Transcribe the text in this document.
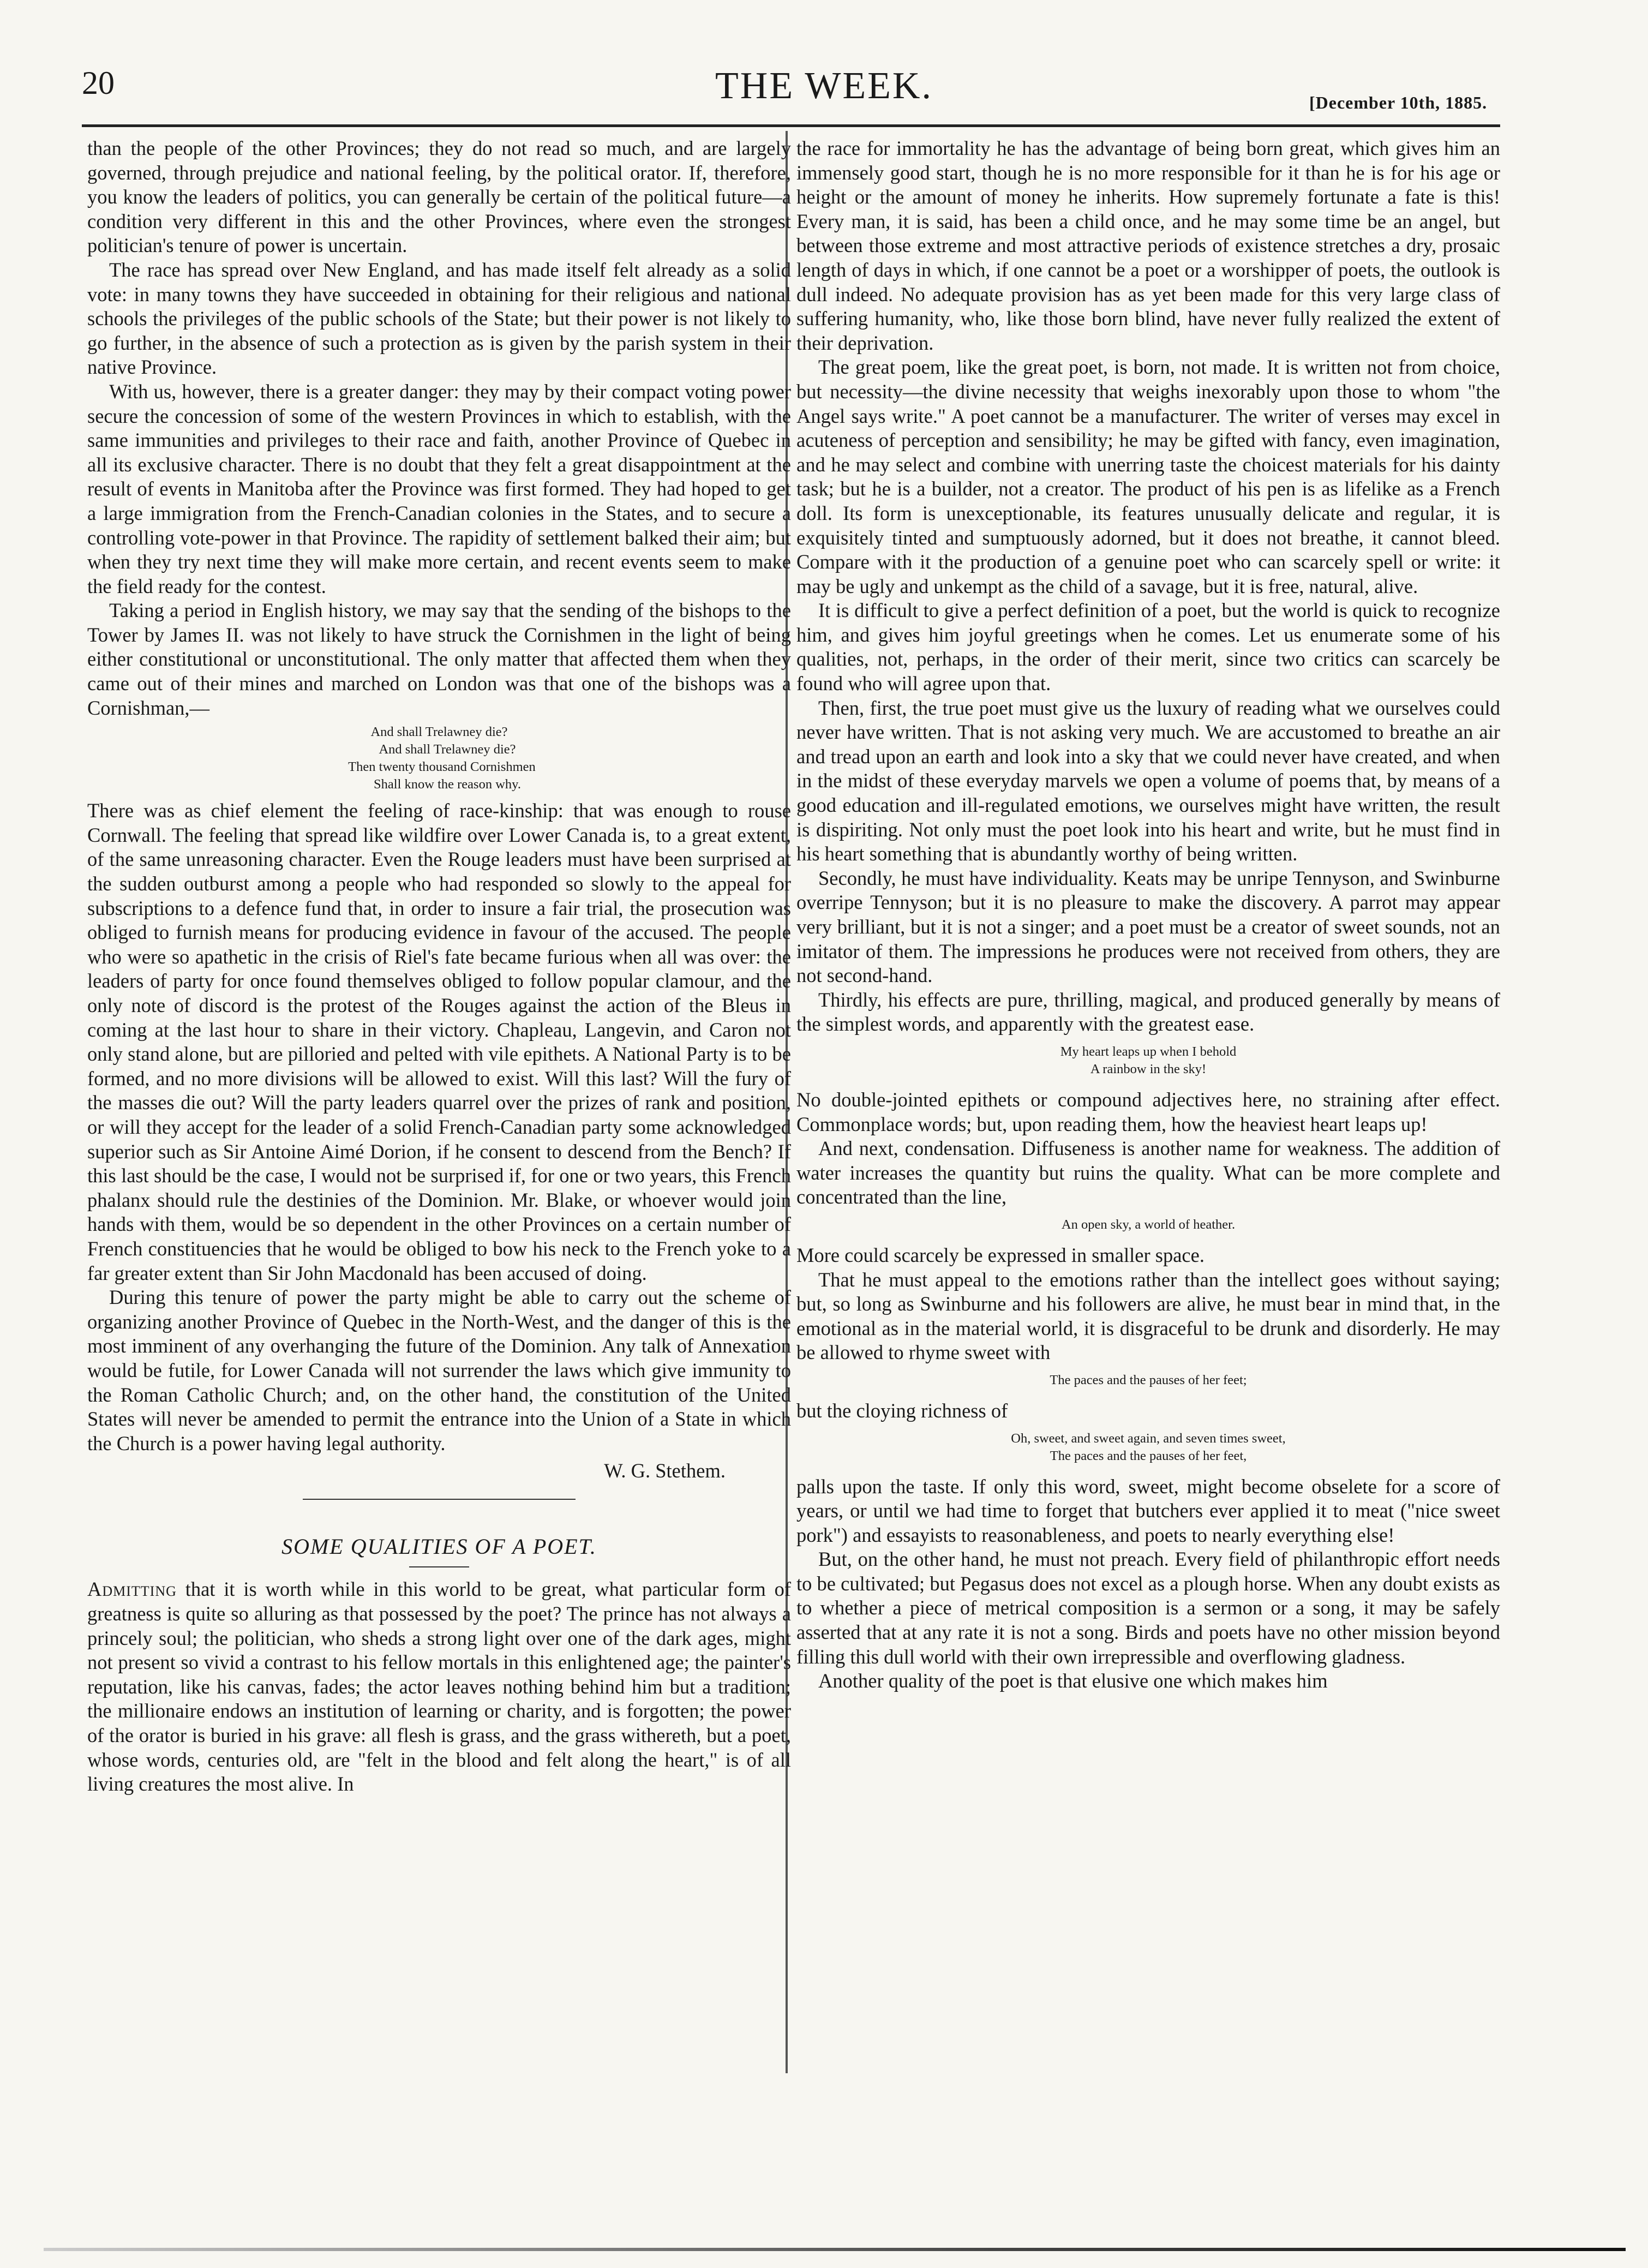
20	THE WEEK.	[December 10th, 1885.

than the people of the other Provinces; they do not read so much, and are largely governed, through prejudice and national feeling, by the political orator. If, therefore, you know the leaders of politics, you can generally be certain of the political future—a condition very different in this and the other Provinces, where even the strongest politician's tenure of power is uncertain.

The race has spread over New England, and has made itself felt already as a solid vote: in many towns they have succeeded in obtaining for their religious and national schools the privileges of the public schools of the State; but their power is not likely to go further, in the absence of such a protection as is given by the parish system in their native Province.

With us, however, there is a greater danger: they may by their compact voting power secure the concession of some of the western Provinces in which to establish, with the same immunities and privileges to their race and faith, another Province of Quebec in all its exclusive character. There is no doubt that they felt a great disappointment at the result of events in Manitoba after the Province was first formed. They had hoped to get a large immigration from the French-Canadian colonies in the States, and to secure a controlling vote-power in that Province. The rapidity of settlement balked their aim; but when they try next time they will make more certain, and recent events seem to make the field ready for the contest.

Taking a period in English history, we may say that the sending of the bishops to the Tower by James II. was not likely to have struck the Cornishmen in the light of being either constitutional or unconstitutional. The only matter that affected them when they came out of their mines and marched on London was that one of the bishops was a Cornishman,—

And shall Trelawney die?
And shall Trelawney die?
Then twenty thousand Cornishmen
Shall know the reason why.

There was as chief element the feeling of race-kinship: that was enough to rouse Cornwall. The feeling that spread like wildfire over Lower Canada is, to a great extent, of the same unreasoning character. Even the Rouge leaders must have been surprised at the sudden outburst among a people who had responded so slowly to the appeal for subscriptions to a defence fund that, in order to insure a fair trial, the prosecution was obliged to furnish means for producing evidence in favour of the accused. The people who were so apathetic in the crisis of Riel's fate became furious when all was over: the leaders of party for once found themselves obliged to follow popular clamour, and the only note of discord is the protest of the Rouges against the action of the Bleus in coming at the last hour to share in their victory. Chapleau, Langevin, and Caron not only stand alone, but are pilloried and pelted with vile epithets. A National Party is to be formed, and no more divisions will be allowed to exist. Will this last? Will the fury of the masses die out? Will the party leaders quarrel over the prizes of rank and position, or will they accept for the leader of a solid French-Canadian party some acknowledged superior such as Sir Antoine Aimé Dorion, if he consent to descend from the Bench? If this last should be the case, I would not be surprised if, for one or two years, this French phalanx should rule the destinies of the Dominion. Mr. Blake, or whoever would join hands with them, would be so dependent in the other Provinces on a certain number of French constituencies that he would be obliged to bow his neck to the French yoke to a far greater extent than Sir John Macdonald has been accused of doing.

During this tenure of power the party might be able to carry out the scheme of organizing another Province of Quebec in the North-West, and the danger of this is the most imminent of any overhanging the future of the Dominion. Any talk of Annexation would be futile, for Lower Canada will not surrender the laws which give immunity to the Roman Catholic Church; and, on the other hand, the constitution of the United States will never be amended to permit the entrance into the Union of a State in which the Church is a power having legal authority.

W. G. Stethem.
SOME QUALITIES OF A POET.

Admitting that it is worth while in this world to be great, what particular form of greatness is quite so alluring as that possessed by the poet? The prince has not always a princely soul; the politician, who sheds a strong light over one of the dark ages, might not present so vivid a contrast to his fellow mortals in this enlightened age; the painter's reputation, like his canvas, fades; the actor leaves nothing behind him but a tradition; the millionaire endows an institution of learning or charity, and is forgotten; the power of the orator is buried in his grave: all flesh is grass, and the grass withereth, but a poet, whose words, centuries old, are "felt in the blood and felt along the heart," is of all living creatures the most alive. In

the race for immortality he has the advantage of being born great, which gives him an immensely good start, though he is no more responsible for it than he is for his age or height or the amount of money he inherits. How supremely fortunate a fate is this! Every man, it is said, has been a child once, and he may some time be an angel, but between those extreme and most attractive periods of existence stretches a dry, prosaic length of days in which, if one cannot be a poet or a worshipper of poets, the outlook is dull indeed. No adequate provision has as yet been made for this very large class of suffering humanity, who, like those born blind, have never fully realized the extent of their deprivation.

The great poem, like the great poet, is born, not made. It is written not from choice, but necessity—the divine necessity that weighs inexorably upon those to whom "the Angel says write." A poet cannot be a manufacturer. The writer of verses may excel in acuteness of perception and sensibility; he may be gifted with fancy, even imagination, and he may select and combine with unerring taste the choicest materials for his dainty task; but he is a builder, not a creator. The product of his pen is as lifelike as a French doll. Its form is unexceptionable, its features unusually delicate and regular, it is exquisitely tinted and sumptuously adorned, but it does not breathe, it cannot bleed. Compare with it the production of a genuine poet who can scarcely spell or write: it may be ugly and unkempt as the child of a savage, but it is free, natural, alive.

It is difficult to give a perfect definition of a poet, but the world is quick to recognize him, and gives him joyful greetings when he comes. Let us enumerate some of his qualities, not, perhaps, in the order of their merit, since two critics can scarcely be found who will agree upon that.

Then, first, the true poet must give us the luxury of reading what we ourselves could never have written. That is not asking very much. We are accustomed to breathe an air and tread upon an earth and look into a sky that we could never have created, and when in the midst of these everyday marvels we open a volume of poems that, by means of a good education and ill-regulated emotions, we ourselves might have written, the result is dispiriting. Not only must the poet look into his heart and write, but he must find in his heart something that is abundantly worthy of being written.

Secondly, he must have individuality. Keats may be unripe Tennyson, and Swinburne overripe Tennyson; but it is no pleasure to make the discovery. A parrot may appear very brilliant, but it is not a singer; and a poet must be a creator of sweet sounds, not an imitator of them. The impressions he produces were not received from others, they are not second-hand.

Thirdly, his effects are pure, thrilling, magical, and produced generally by means of the simplest words, and apparently with the greatest ease.

My heart leaps up when I behold
A rainbow in the sky!

No double-jointed epithets or compound adjectives here, no straining after effect. Commonplace words; but, upon reading them, how the heaviest heart leaps up!

And next, condensation. Diffuseness is another name for weakness. The addition of water increases the quantity but ruins the quality. What can be more complete and concentrated than the line,

An open sky, a world of heather.

More could scarcely be expressed in smaller space.

That he must appeal to the emotions rather than the intellect goes without saying; but, so long as Swinburne and his followers are alive, he must bear in mind that, in the emotional as in the material world, it is disgraceful to be drunk and disorderly. He may be allowed to rhyme sweet with

The paces and the pauses of her feet;

but the cloying richness of

Oh, sweet, and sweet again, and seven times sweet,
The paces and the pauses of her feet,

palls upon the taste. If only this word, sweet, might become obselete for a score of years, or until we had time to forget that butchers ever applied it to meat ("nice sweet pork") and essayists to reasonableness, and poets to nearly everything else!

But, on the other hand, he must not preach. Every field of philanthropic effort needs to be cultivated; but Pegasus does not excel as a plough horse. When any doubt exists as to whether a piece of metrical composition is a sermon or a song, it may be safely asserted that at any rate it is not a song. Birds and poets have no other mission beyond filling this dull world with their own irrepressible and overflowing gladness.

Another quality of the poet is that elusive one which makes him
